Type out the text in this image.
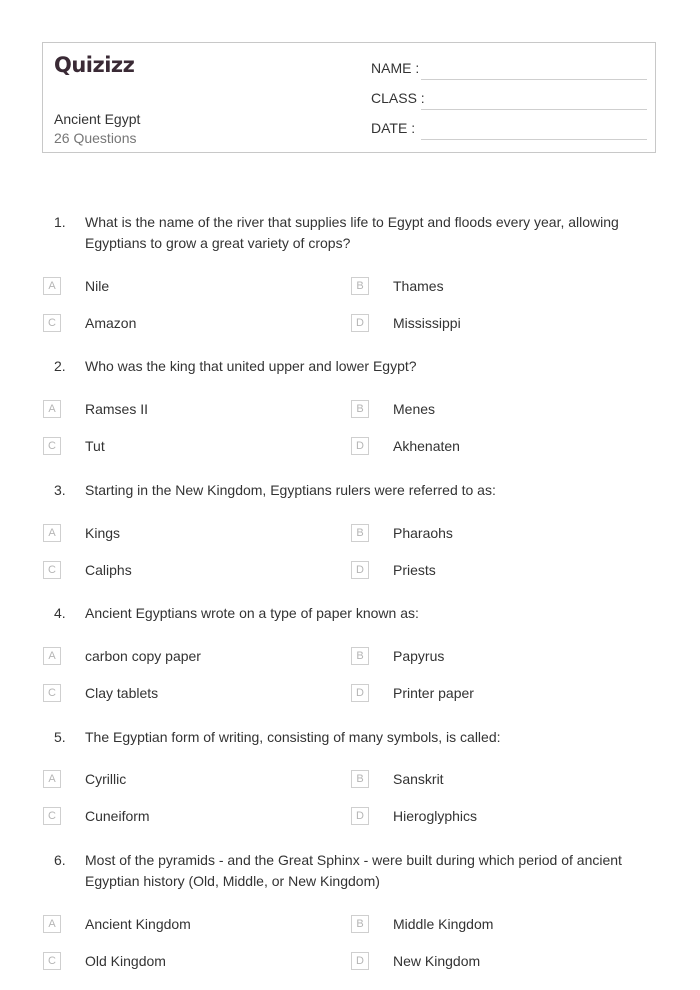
Quizizz
Ancient Egypt
26 Questions
NAME :
CLASS :
DATE :
1.	What is the name of the river that supplies life to Egypt and floods every year, allowing Egyptians to grow a great variety of crops?
A	Nile	B	Thames
C	Amazon	D	Mississippi
2.	Who was the king that united upper and lower Egypt?
A	Ramses II	B	Menes
C	Tut	D	Akhenaten
3.	Starting in the New Kingdom, Egyptians rulers were referred to as:
A	Kings	B	Pharaohs
C	Caliphs	D	Priests
4.	Ancient Egyptians wrote on a type of paper known as:
A	carbon copy paper	B	Papyrus
C	Clay tablets	D	Printer paper
5.	The Egyptian form of writing, consisting of many symbols, is called:
A	Cyrillic	B	Sanskrit
C	Cuneiform	D	Hieroglyphics
6.	Most of the pyramids - and the Great Sphinx - were built during which period of ancient Egyptian history (Old, Middle, or New Kingdom)
A	Ancient Kingdom	B	Middle Kingdom
C	Old Kingdom	D	New Kingdom
